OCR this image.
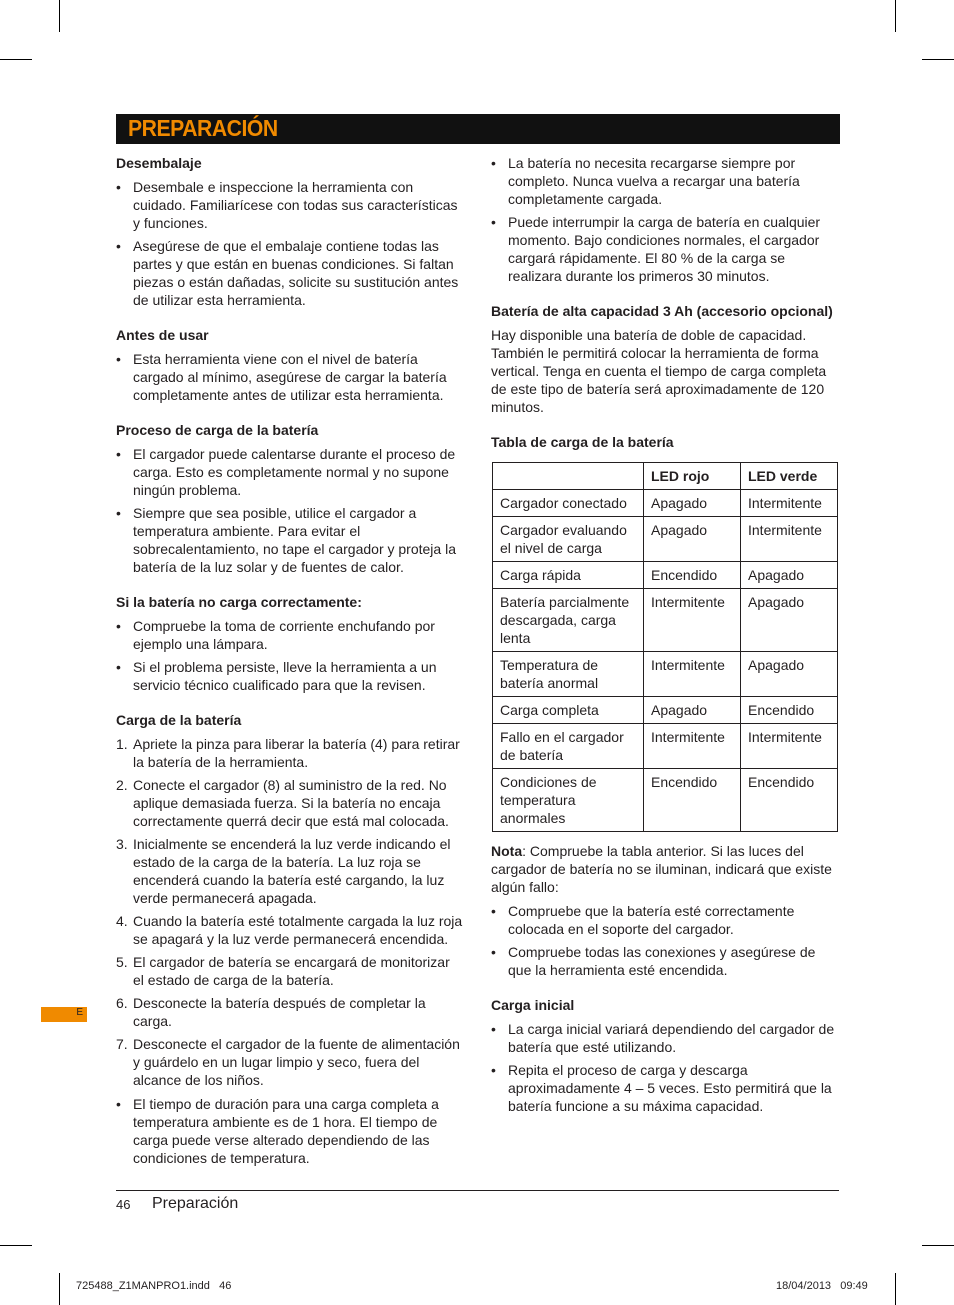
PREPARACIÓN
Desembalaje
• Desembale e inspeccione la herramienta con cuidado. Familiarícese con todas sus características y funciones.
• Asegúrese de que el embalaje contiene todas las partes y que están en buenas condiciones. Si faltan piezas o están dañadas, solicite su sustitución antes de utilizar esta herramienta.
Antes de usar
• Esta herramienta viene con el nivel de batería cargado al mínimo, asegúrese de cargar la batería completamente antes de utilizar esta herramienta.
Proceso de carga de la batería
• El cargador puede calentarse durante el proceso de carga. Esto es completamente normal y no supone ningún problema.
• Siempre que sea posible, utilice el cargador a temperatura ambiente. Para evitar el sobrecalentamiento, no tape el cargador y proteja la batería de la luz solar y de fuentes de calor.
Si la batería no carga correctamente:
• Compruebe la toma de corriente enchufando por ejemplo una lámpara.
• Si el problema persiste, lleve la herramienta a un servicio técnico cualificado para que la revisen.
Carga de la batería
1. Apriete la pinza para liberar la batería (4) para retirar la batería de la herramienta.
2. Conecte el cargador (8) al suministro de la red. No aplique demasiada fuerza. Si la batería no encaja correctamente querrá decir que está mal colocada.
3. Inicialmente se encenderá la luz verde indicando el estado de la carga de la batería. La luz roja se encenderá cuando la batería esté cargando, la luz verde permanecerá apagada.
4. Cuando la batería esté totalmente cargada la luz roja se apagará y la luz verde permanecerá encendida.
5. El cargador de batería se encargará de monitorizar el estado de carga de la batería.
6. Desconecte la batería después de completar la carga.
7. Desconecte el cargador de la fuente de alimentación y guárdelo en un lugar limpio y seco, fuera del alcance de los niños.
• El tiempo de duración para una carga completa a temperatura ambiente es de 1 hora. El tiempo de carga puede verse alterado dependiendo de las condiciones de temperatura.
• La batería no necesita recargarse siempre por completo. Nunca vuelva a recargar una batería completamente cargada.
• Puede interrumpir la carga de batería en cualquier momento. Bajo condiciones normales, el cargador cargará rápidamente. El 80 % de la carga se realizara durante los primeros 30 minutos.
Batería de alta capacidad 3 Ah (accesorio opcional)
Hay disponible una batería de doble de capacidad. También le permitirá colocar la herramienta de forma vertical. Tenga en cuenta el tiempo de carga completa de este tipo de batería será aproximadamente de 120 minutos.
Tabla de carga de la batería
	LED rojo	LED verde
Cargador conectado	Apagado	Intermitente
Cargador evaluando el nivel de carga	Apagado	Intermitente
Carga rápida	Encendido	Apagado
Batería parcialmente descargada, carga lenta	Intermitente	Apagado
Temperatura de batería anormal	Intermitente	Apagado
Carga completa	Apagado	Encendido
Fallo en el cargador de batería	Intermitente	Intermitente
Condiciones de temperatura anormales	Encendido	Encendido
Nota: Compruebe la tabla anterior. Si las luces del cargador de batería no se iluminan, indicará que existe algún fallo:
• Compruebe que la batería esté correctamente colocada en el soporte del cargador.
• Compruebe todas las conexiones y asegúrese de que la herramienta esté encendida.
Carga inicial
• La carga inicial variará dependiendo del cargador de batería que esté utilizando.
• Repita el proceso de carga y descarga aproximadamente 4 – 5 veces. Esto permitirá que la batería funcione a su máxima capacidad.
E
46 Preparación
725488_Z1MANPRO1.indd   46	18/04/2013   09:49
